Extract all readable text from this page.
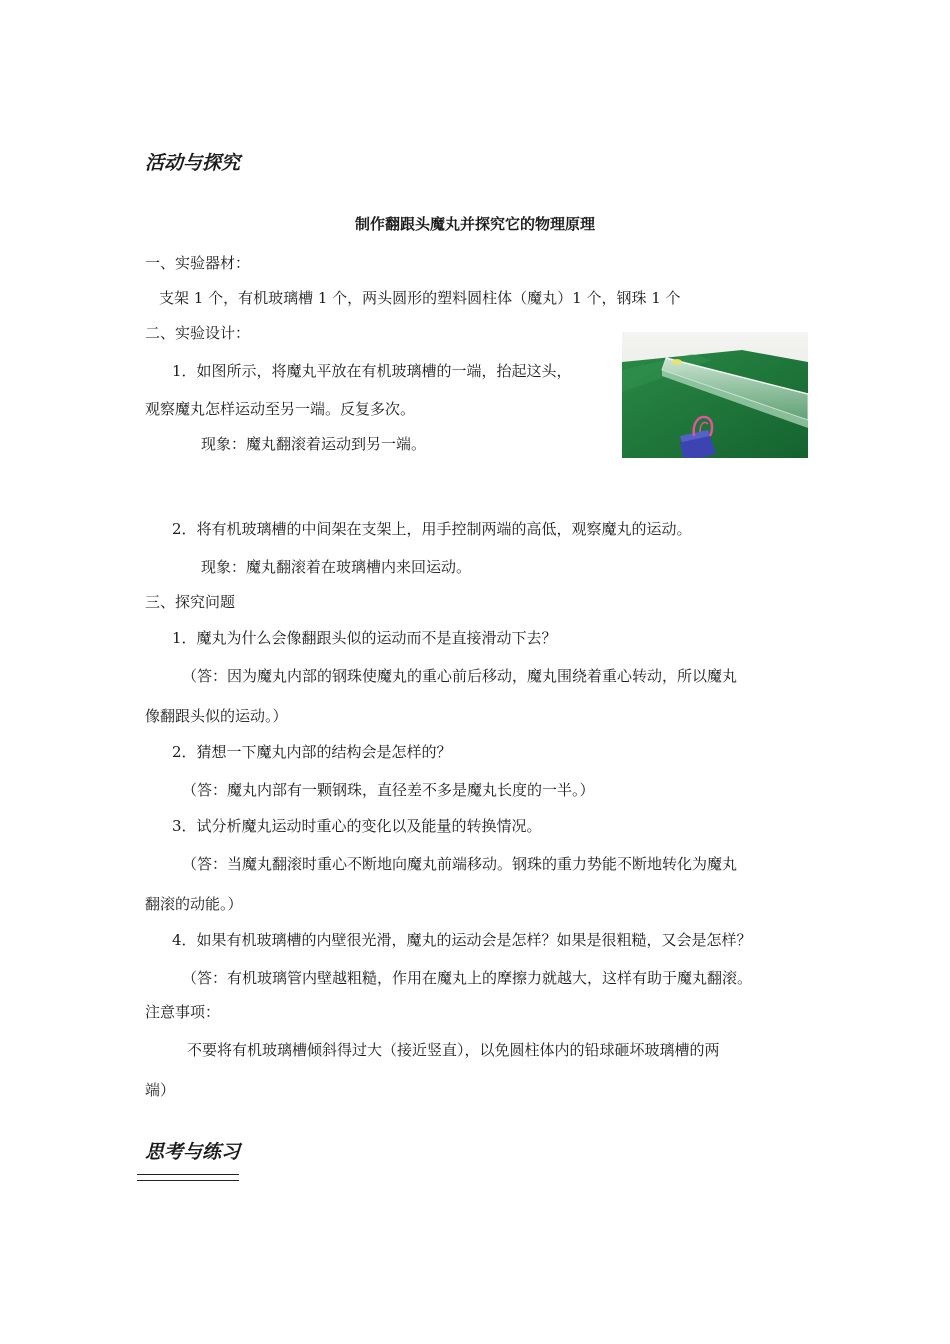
活动与探究
制作翻跟头魔丸并探究它的物理原理
一、实验器材：
支架 1 个，有机玻璃槽 1 个，两头圆形的塑料圆柱体（魔丸）1 个，钢珠 1 个
二、实验设计：
1．如图所示，将魔丸平放在有机玻璃槽的一端，抬起这头，
观察魔丸怎样运动至另一端。反复多次。
现象：魔丸翻滚着运动到另一端。
2．将有机玻璃槽的中间架在支架上，用手控制两端的高低，观察魔丸的运动。
现象：魔丸翻滚着在玻璃槽内来回运动。
三、探究问题
1．魔丸为什么会像翻跟头似的运动而不是直接滑动下去？
（答：因为魔丸内部的钢珠使魔丸的重心前后移动，魔丸围绕着重心转动，所以魔丸
像翻跟头似的运动。）
2．猜想一下魔丸内部的结构会是怎样的？
（答：魔丸内部有一颗钢珠，直径差不多是魔丸长度的一半。）
3．试分析魔丸运动时重心的变化以及能量的转换情况。
（答：当魔丸翻滚时重心不断地向魔丸前端移动。钢珠的重力势能不断地转化为魔丸
翻滚的动能。）
4．如果有机玻璃槽的内壁很光滑，魔丸的运动会是怎样？如果是很粗糙，又会是怎样？
（答：有机玻璃管内壁越粗糙，作用在魔丸上的摩擦力就越大，这样有助于魔丸翻滚。
注意事项：
不要将有机玻璃槽倾斜得过大（接近竖直），以免圆柱体内的铅球砸坏玻璃槽的两
端）
思考与练习
